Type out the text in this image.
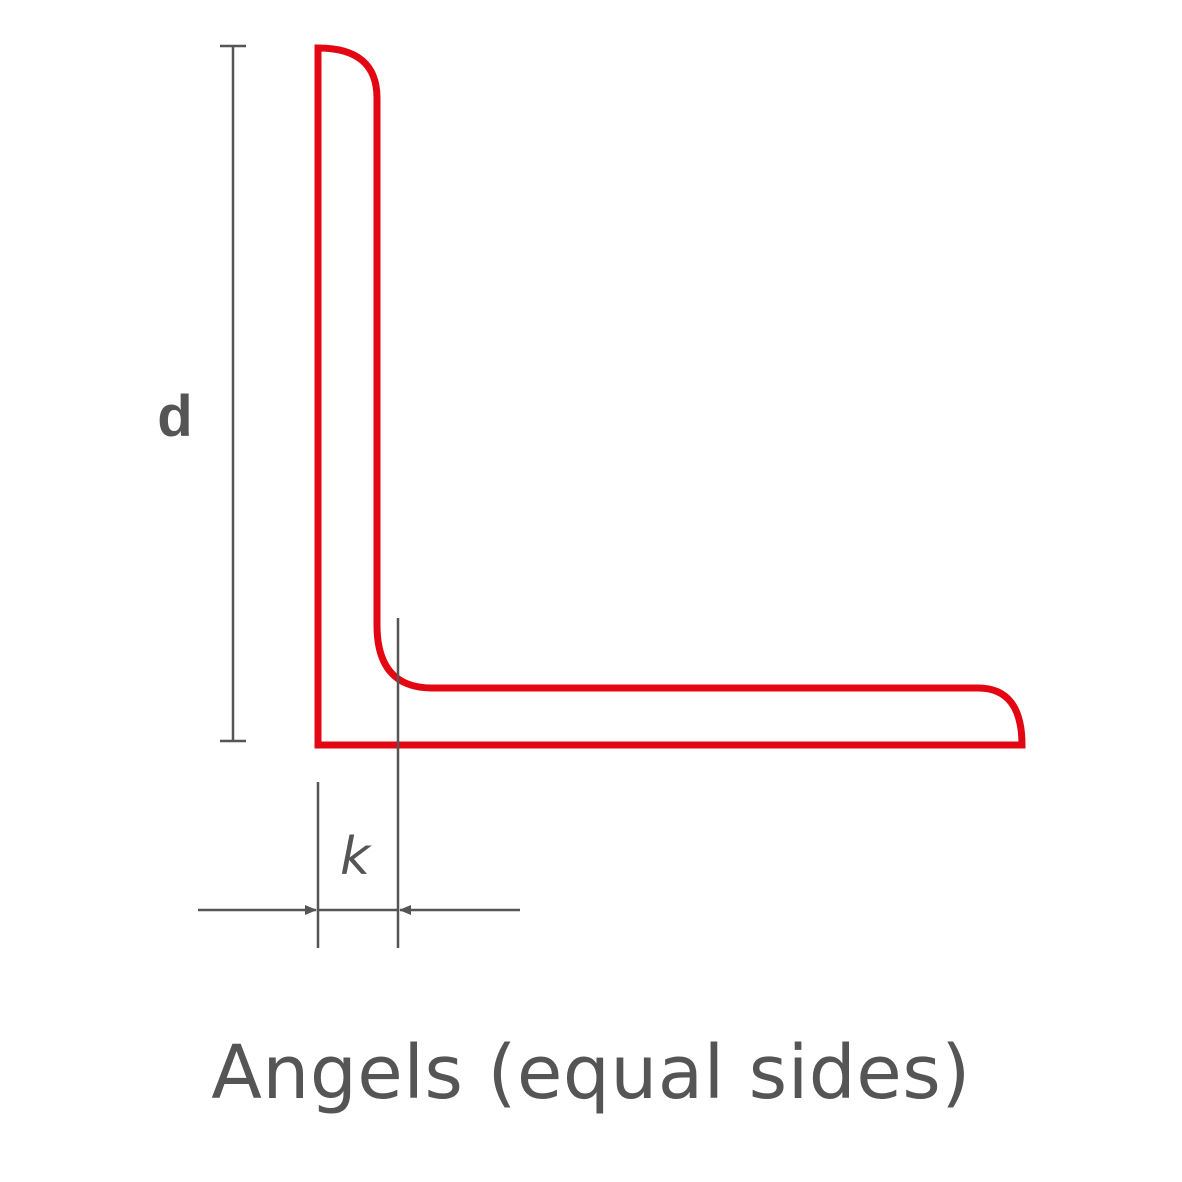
d
k
Angels (equal sides)
